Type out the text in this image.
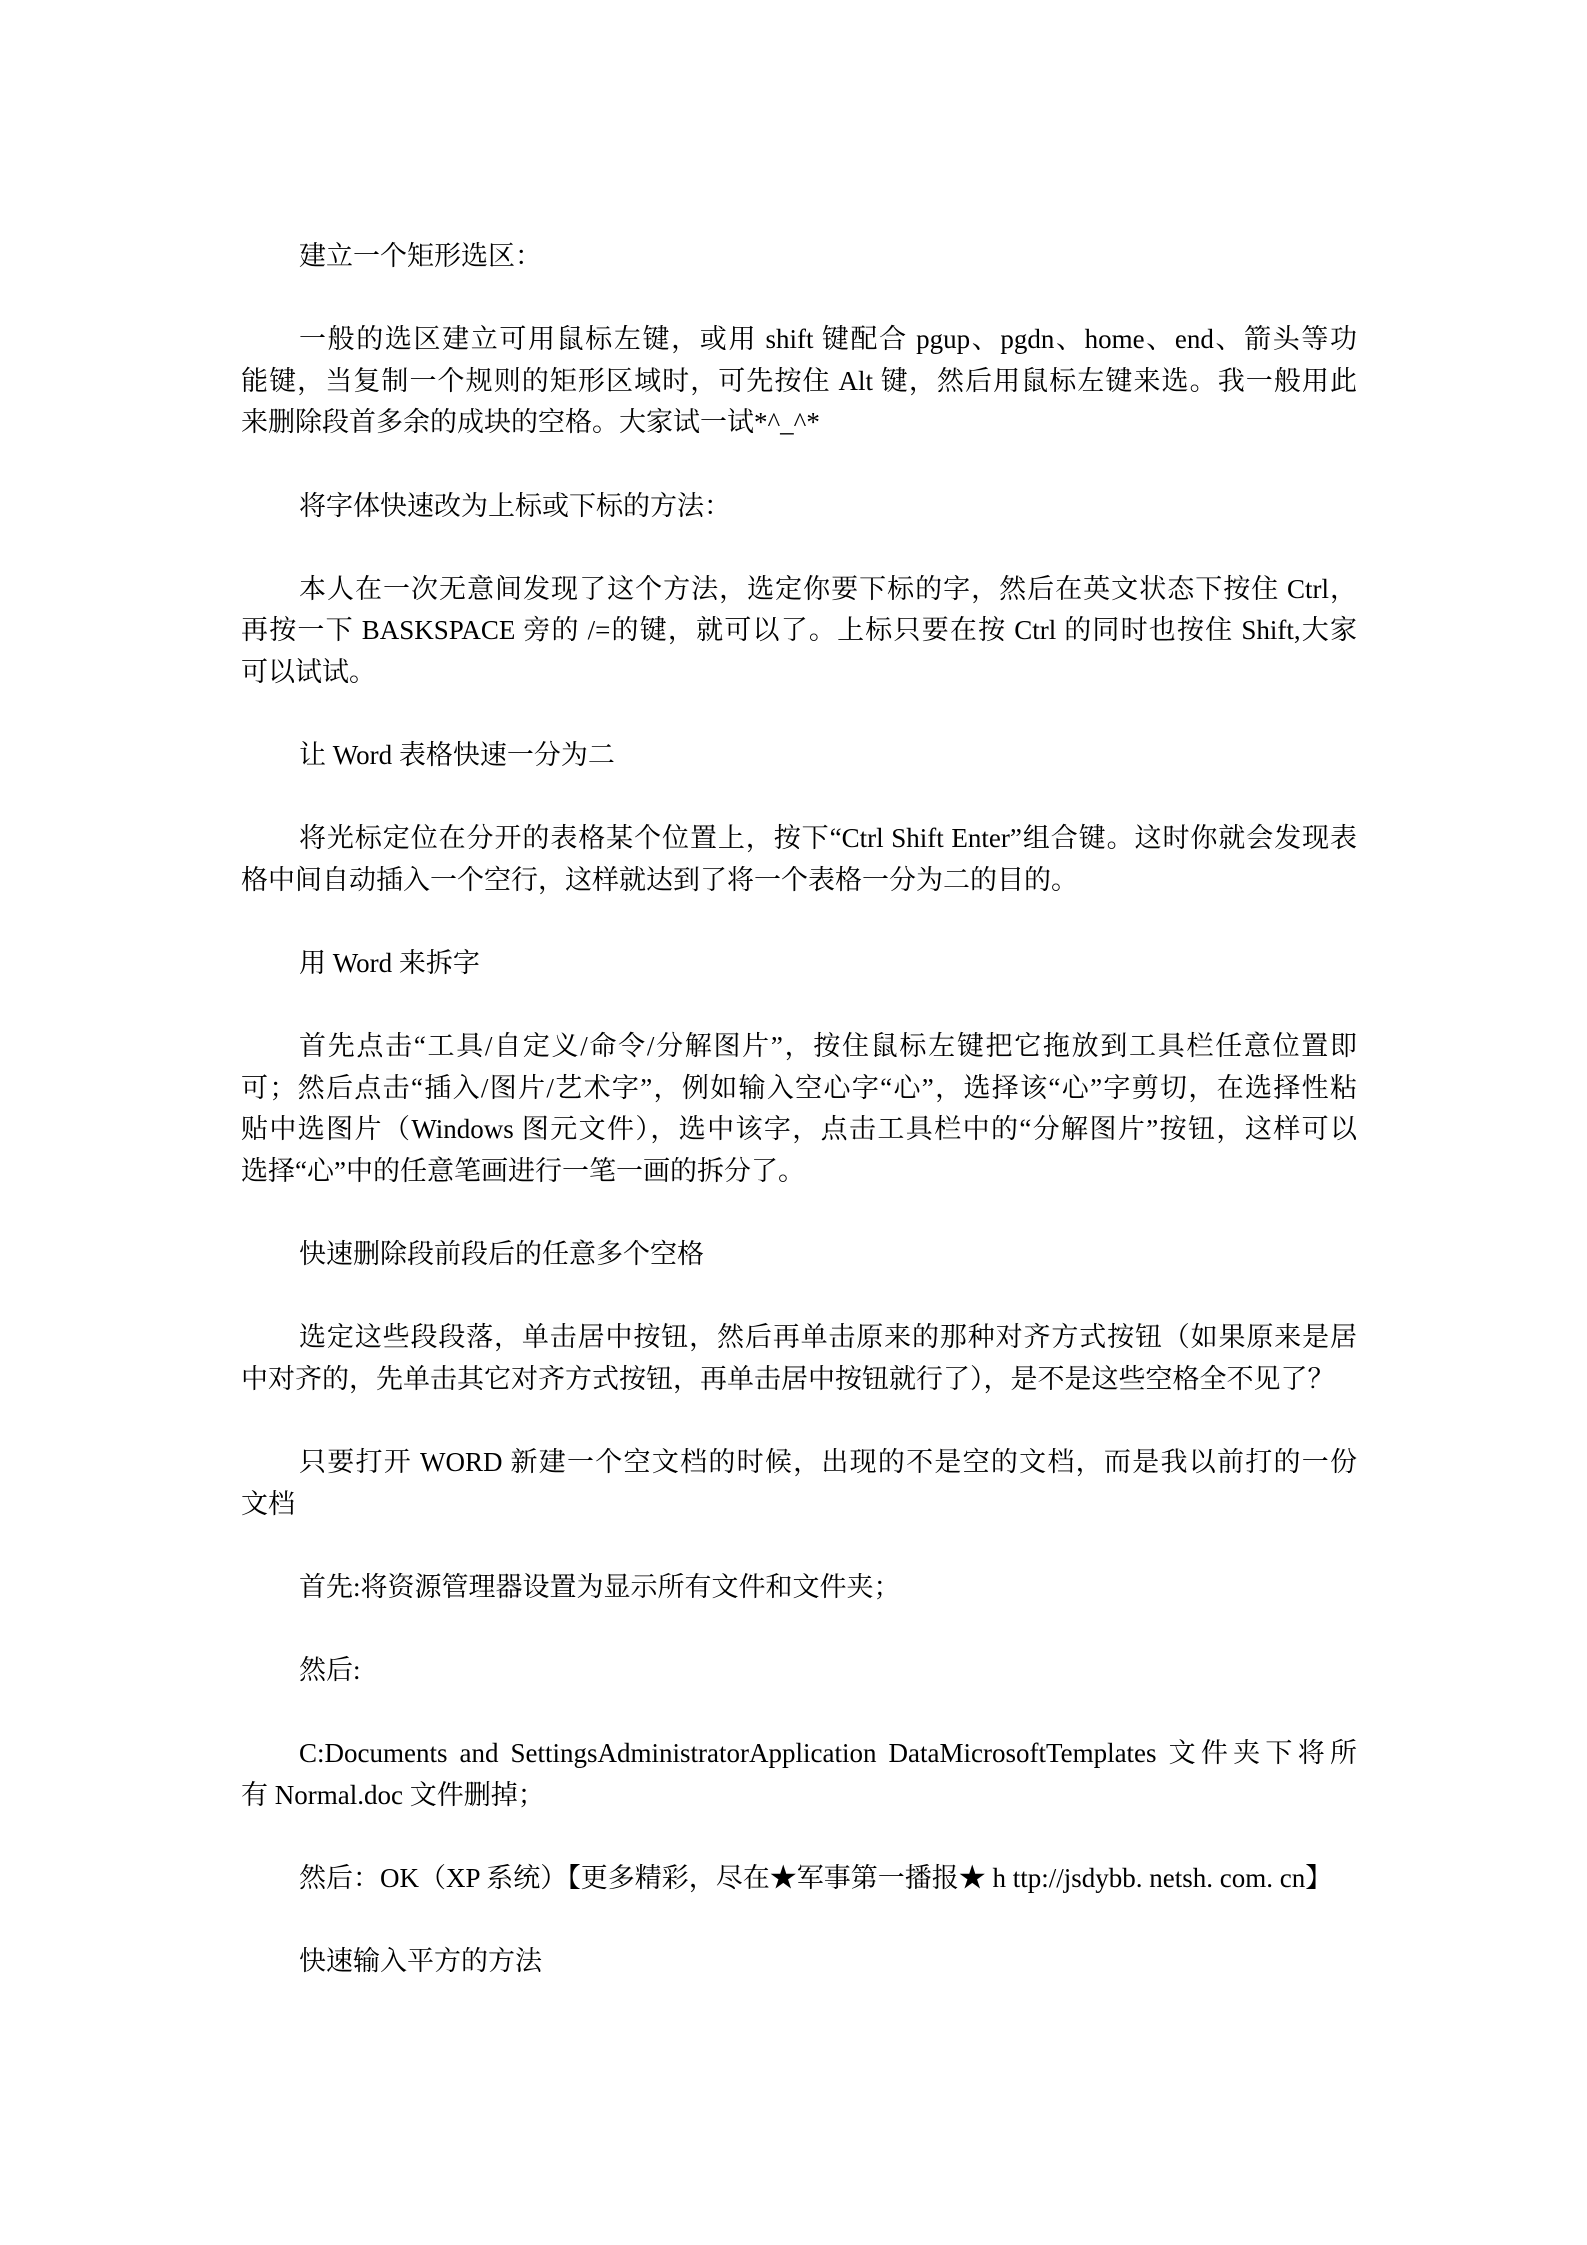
建立一个矩形选区：
一般的选区建立可用鼠标左键，或用 shift 键配合 pgup、pgdn、home、end、箭头等功
能键，当复制一个规则的矩形区域时，可先按住 Alt 键，然后用鼠标左键来选。我一般用此
来删除段首多余的成块的空格。大家试一试*^_^*
将字体快速改为上标或下标的方法：
本人在一次无意间发现了这个方法，选定你要下标的字，然后在英文状态下按住 Ctrl，
再按一下 BASKSPACE 旁的 /=的键，就可以了。上标只要在按 Ctrl 的同时也按住 Shift,大家
可以试试。
让 Word 表格快速一分为二
将光标定位在分开的表格某个位置上，按下“Ctrl Shift Enter”组合键。这时你就会发现表
格中间自动插入一个空行，这样就达到了将一个表格一分为二的目的。
用 Word 来拆字
首先点击“工具/自定义/命令/分解图片”，按住鼠标左键把它拖放到工具栏任意位置即
可；然后点击“插入/图片/艺术字”，例如输入空心字“心”，选择该“心”字剪切，在选择性粘
贴中选图片（Windows 图元文件），选中该字，点击工具栏中的“分解图片”按钮，这样可以
选择“心”中的任意笔画进行一笔一画的拆分了。
快速删除段前段后的任意多个空格
选定这些段段落，单击居中按钮，然后再单击原来的那种对齐方式按钮（如果原来是居
中对齐的，先单击其它对齐方式按钮，再单击居中按钮就行了），是不是这些空格全不见了？
只要打开 WORD 新建一个空文档的时候，出现的不是空的文档，而是我以前打的一份
文档
首先:将资源管理器设置为显示所有文件和文件夹；
然后:
C:Documents and SettingsAdministratorApplication DataMicrosoftTemplates 文件夹下将所
有 Normal.doc 文件删掉；
然后：OK（XP 系统）【更多精彩，尽在★军事第一播报★ h ttp://jsdybb. netsh. com. cn】
快速输入平方的方法
